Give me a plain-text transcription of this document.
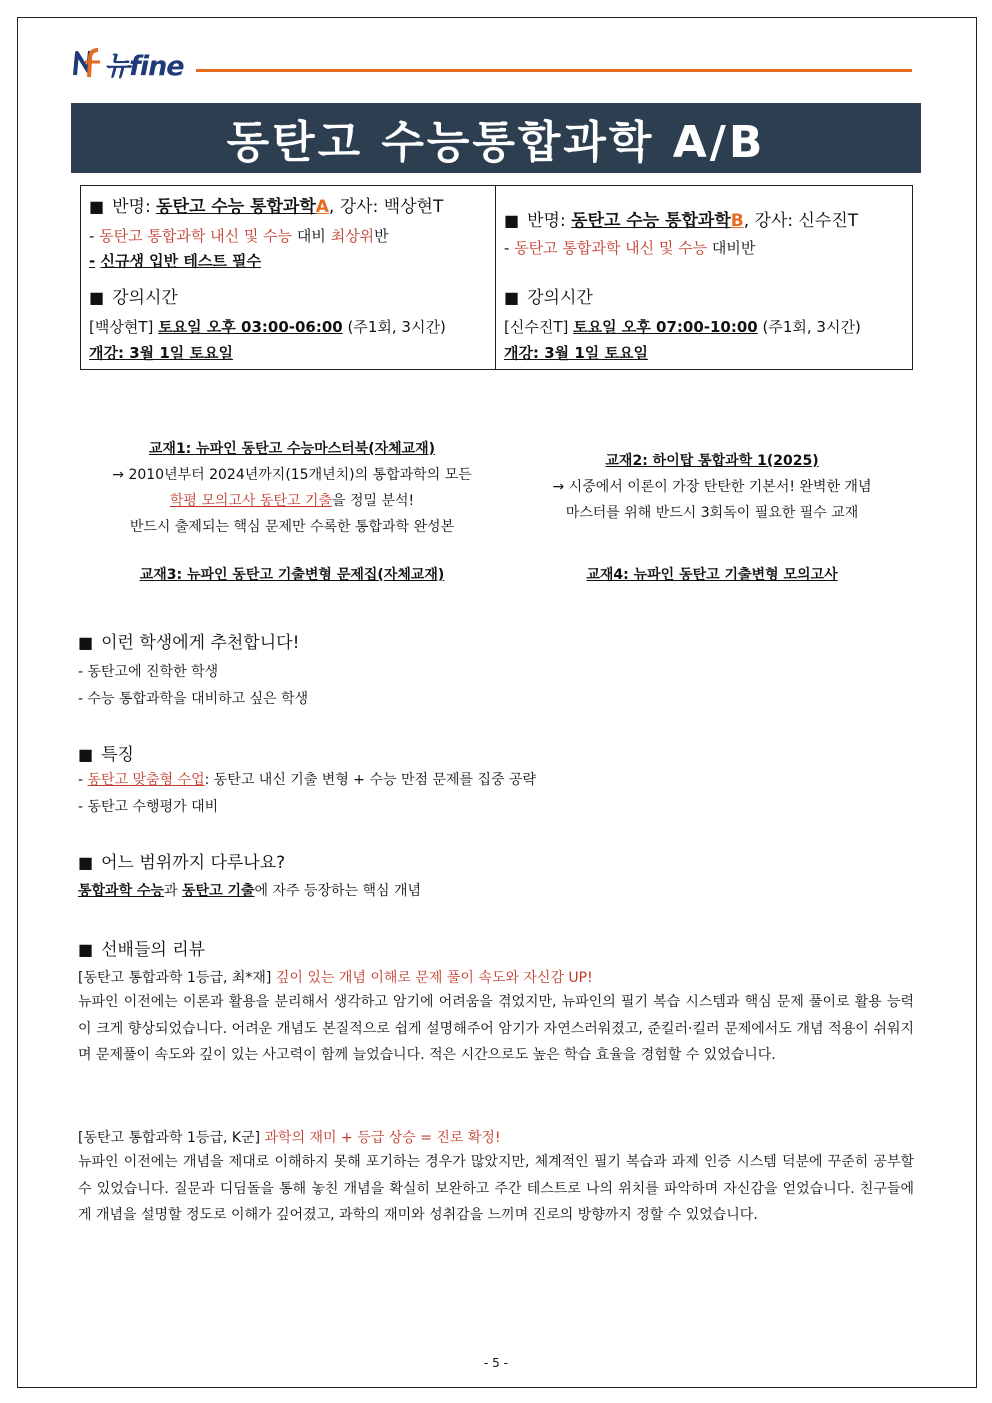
뉴fine
동탄고 수능통합과학 A/B
■ 반명: 동탄고 수능 통합과학A, 강사: 백상현T
- 동탄고 통합과학 내신 및 수능 대비 최상위반
- 신규생 입반 테스트 필수
■ 강의시간
[백상현T] 토요일 오후 03:00-06:00 (주1회, 3시간)
개강: 3월 1일 토요일
■ 반명: 동탄고 수능 통합과학B, 강사: 신수진T
- 동탄고 통합과학 내신 및 수능 대비반
■ 강의시간
[신수진T] 토요일 오후 07:00-10:00 (주1회, 3시간)
개강: 3월 1일 토요일
교재1: 뉴파인 동탄고 수능마스터북(자체교재)
→ 2010년부터 2024년까지(15개년치)의 통합과학의 모든
학평 모의고사 동탄고 기출을 정밀 분석!
반드시 출제되는 핵심 문제만 수록한 통합과학 완성본
교재2: 하이탑 통합과학 1(2025)
→ 시중에서 이론이 가장 탄탄한 기본서! 완벽한 개념
마스터를 위해 반드시 3회독이 필요한 필수 교재
교재3: 뉴파인 동탄고 기출변형 문제집(자체교재)	교재4: 뉴파인 동탄고 기출변형 모의고사
■ 이런 학생에게 추천합니다!
- 동탄고에 진학한 학생
- 수능 통합과학을 대비하고 싶은 학생
■ 특징
- 동탄고 맞춤형 수업: 동탄고 내신 기출 변형 + 수능 만점 문제를 집중 공략
- 동탄고 수행평가 대비
■ 어느 범위까지 다루나요?
통합과학 수능과 동탄고 기출에 자주 등장하는 핵심 개념
■ 선배들의 리뷰
[동탄고 통합과학 1등급, 최*재] 깊이 있는 개념 이해로 문제 풀이 속도와 자신감 UP!
뉴파인 이전에는 이론과 활용을 분리해서 생각하고 암기에 어려움을 겪었지만, 뉴파인의 필기 복습 시스템과 핵심 문제 풀이로 활용 능력이 크게 향상되었습니다. 어려운 개념도 본질적으로 쉽게 설명해주어 암기가 자연스러워졌고, 준킬러·킬러 문제에서도 개념 적용이 쉬워지며 문제풀이 속도와 깊이 있는 사고력이 함께 늘었습니다. 적은 시간으로도 높은 학습 효율을 경험할 수 있었습니다.
[동탄고 통합과학 1등급, K군] 과학의 재미 + 등급 상승 = 진로 확정!
뉴파인 이전에는 개념을 제대로 이해하지 못해 포기하는 경우가 많았지만, 체계적인 필기 복습과 과제 인증 시스템 덕분에 꾸준히 공부할 수 있었습니다. 질문과 디딤돌을 통해 놓친 개념을 확실히 보완하고 주간 테스트로 나의 위치를 파악하며 자신감을 얻었습니다. 친구들에게 개념을 설명할 정도로 이해가 깊어졌고, 과학의 재미와 성취감을 느끼며 진로의 방향까지 정할 수 있었습니다.
- 5 -
